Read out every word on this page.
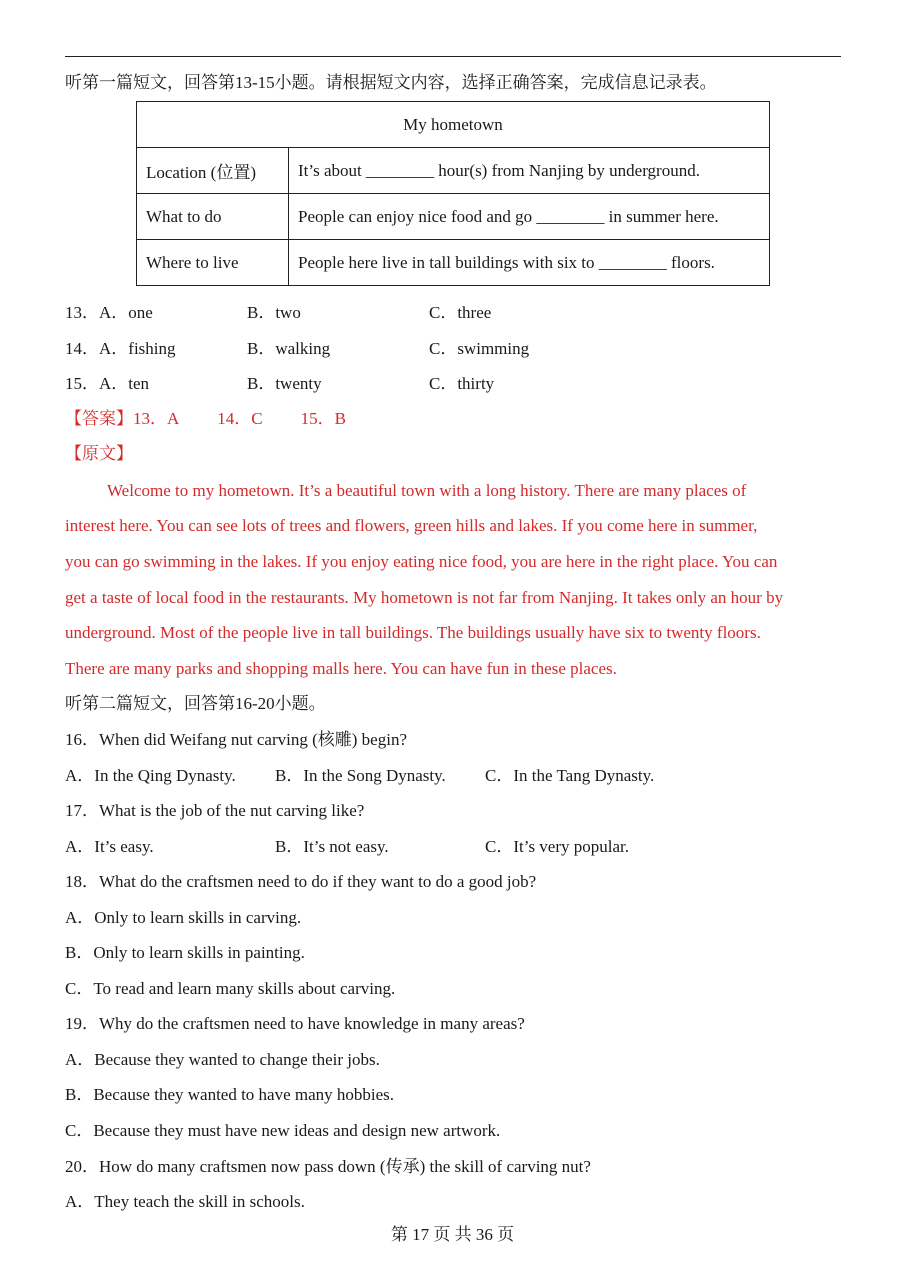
听第一篇短文，回答第13-15小题。请根据短文内容，选择正确答案，完成信息记录表。
My hometown	
Location (位置)	It’s about ________ hour(s) from Nanjing by underground.
What to do	People can enjoy nice food and go ________ in summer here.
Where to live	People here live in tall buildings with six to ________ floors.
13．A．one	B．two	C．three
14．A．fishing	B．walking	C．swimming
15．A．ten	B．twenty	C．thirty
【答案】13．A 14．C 15．B
【原文】
Welcome to my hometown. It’s a beautiful town with a long history. There are many places of
interest here. You can see lots of trees and flowers, green hills and lakes. If you come here in summer,
you can go swimming in the lakes. If you enjoy eating nice food, you are here in the right place. You can
get a taste of local food in the restaurants. My hometown is not far from Nanjing. It takes only an hour by
underground. Most of the people live in tall buildings. The buildings usually have six to twenty floors.
There are many parks and shopping malls here. You can have fun in these places.
听第二篇短文，回答第16-20小题。
16．When did Weifang nut carving (核雕) begin?
A．In the Qing Dynasty. B．In the Song Dynasty. C．In the Tang Dynasty.
17．What is the job of the nut carving like?
A．It’s easy.	B．It’s not easy.	C．It’s very popular.
18．What do the craftsmen need to do if they want to do a good job?
A．Only to learn skills in carving.
B．Only to learn skills in painting.
C．To read and learn many skills about carving.
19．Why do the craftsmen need to have knowledge in many areas?
A．Because they wanted to change their jobs.
B．Because they wanted to have many hobbies.
C．Because they must have new ideas and design new artwork.
20．How do many craftsmen now pass down (传承) the skill of carving nut?
A．They teach the skill in schools.
第 17 页 共 36 页
